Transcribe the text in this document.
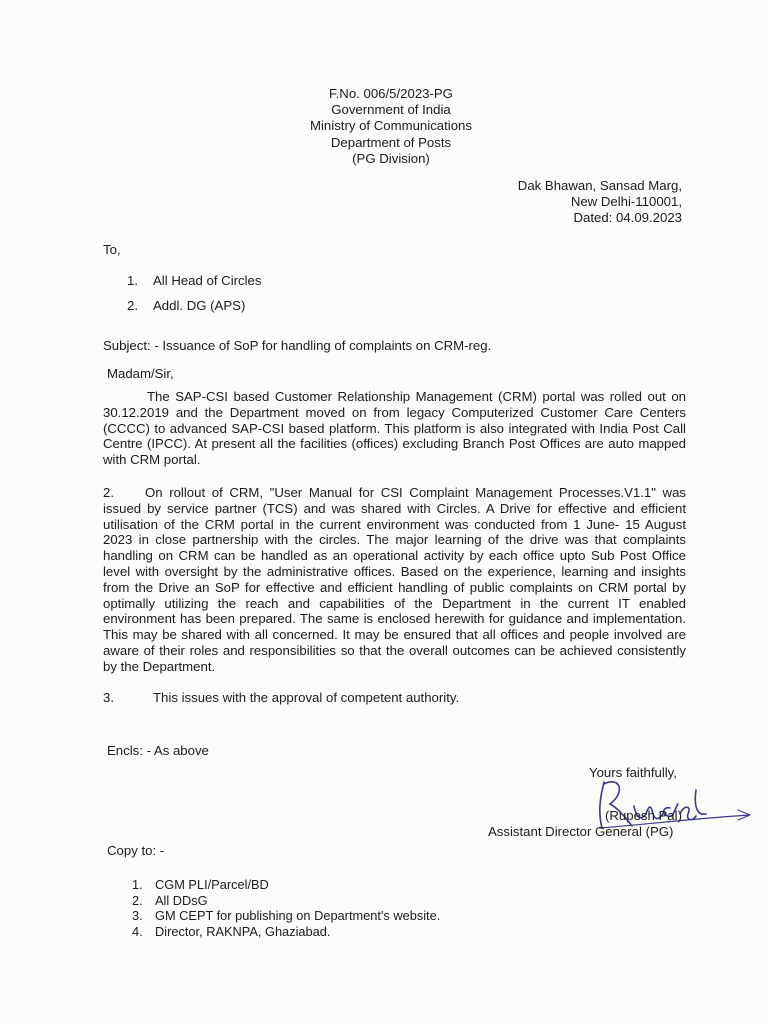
F.No. 006/5/2023-PG
Government of India
Ministry of Communications
Department of Posts
(PG Division)
Dak Bhawan, Sansad Marg,
New Delhi-110001,
Dated: 04.09.2023
To,
1. All Head of Circles
2. Addl. DG (APS)
Subject: - Issuance of SoP for handling of complaints on CRM-reg.
Madam/Sir,
The SAP-CSI based Customer Relationship Management (CRM) portal was rolled out on 30.12.2019 and the Department moved on from legacy Computerized Customer Care Centers (CCCC) to advanced SAP-CSI based platform. This platform is also integrated with India Post Call Centre (IPCC). At present all the facilities (offices) excluding Branch Post Offices are auto mapped with CRM portal.
2. On rollout of CRM, "User Manual for CSI Complaint Management Processes.V1.1" was issued by service partner (TCS) and was shared with Circles. A Drive for effective and efficient utilisation of the CRM portal in the current environment was conducted from 1 June- 15 August 2023 in close partnership with the circles. The major learning of the drive was that complaints handling on CRM can be handled as an operational activity by each office upto Sub Post Office level with oversight by the administrative offices. Based on the experience, learning and insights from the Drive an SoP for effective and efficient handling of public complaints on CRM portal by optimally utilizing the reach and capabilities of the Department in the current IT enabled environment has been prepared. The same is enclosed herewith for guidance and implementation. This may be shared with all concerned. It may be ensured that all offices and people involved are aware of their roles and responsibilities so that the overall outcomes can be achieved consistently by the Department.
3.	This issues with the approval of competent authority.
Encls: - As above
Yours faithfully,
(Rupesh Pal)
Assistant Director General (PG)
Copy to: -
1. CGM PLI/Parcel/BD
2. All DDsG
3. GM CEPT for publishing on Department's website.
4. Director, RAKNPA, Ghaziabad.
